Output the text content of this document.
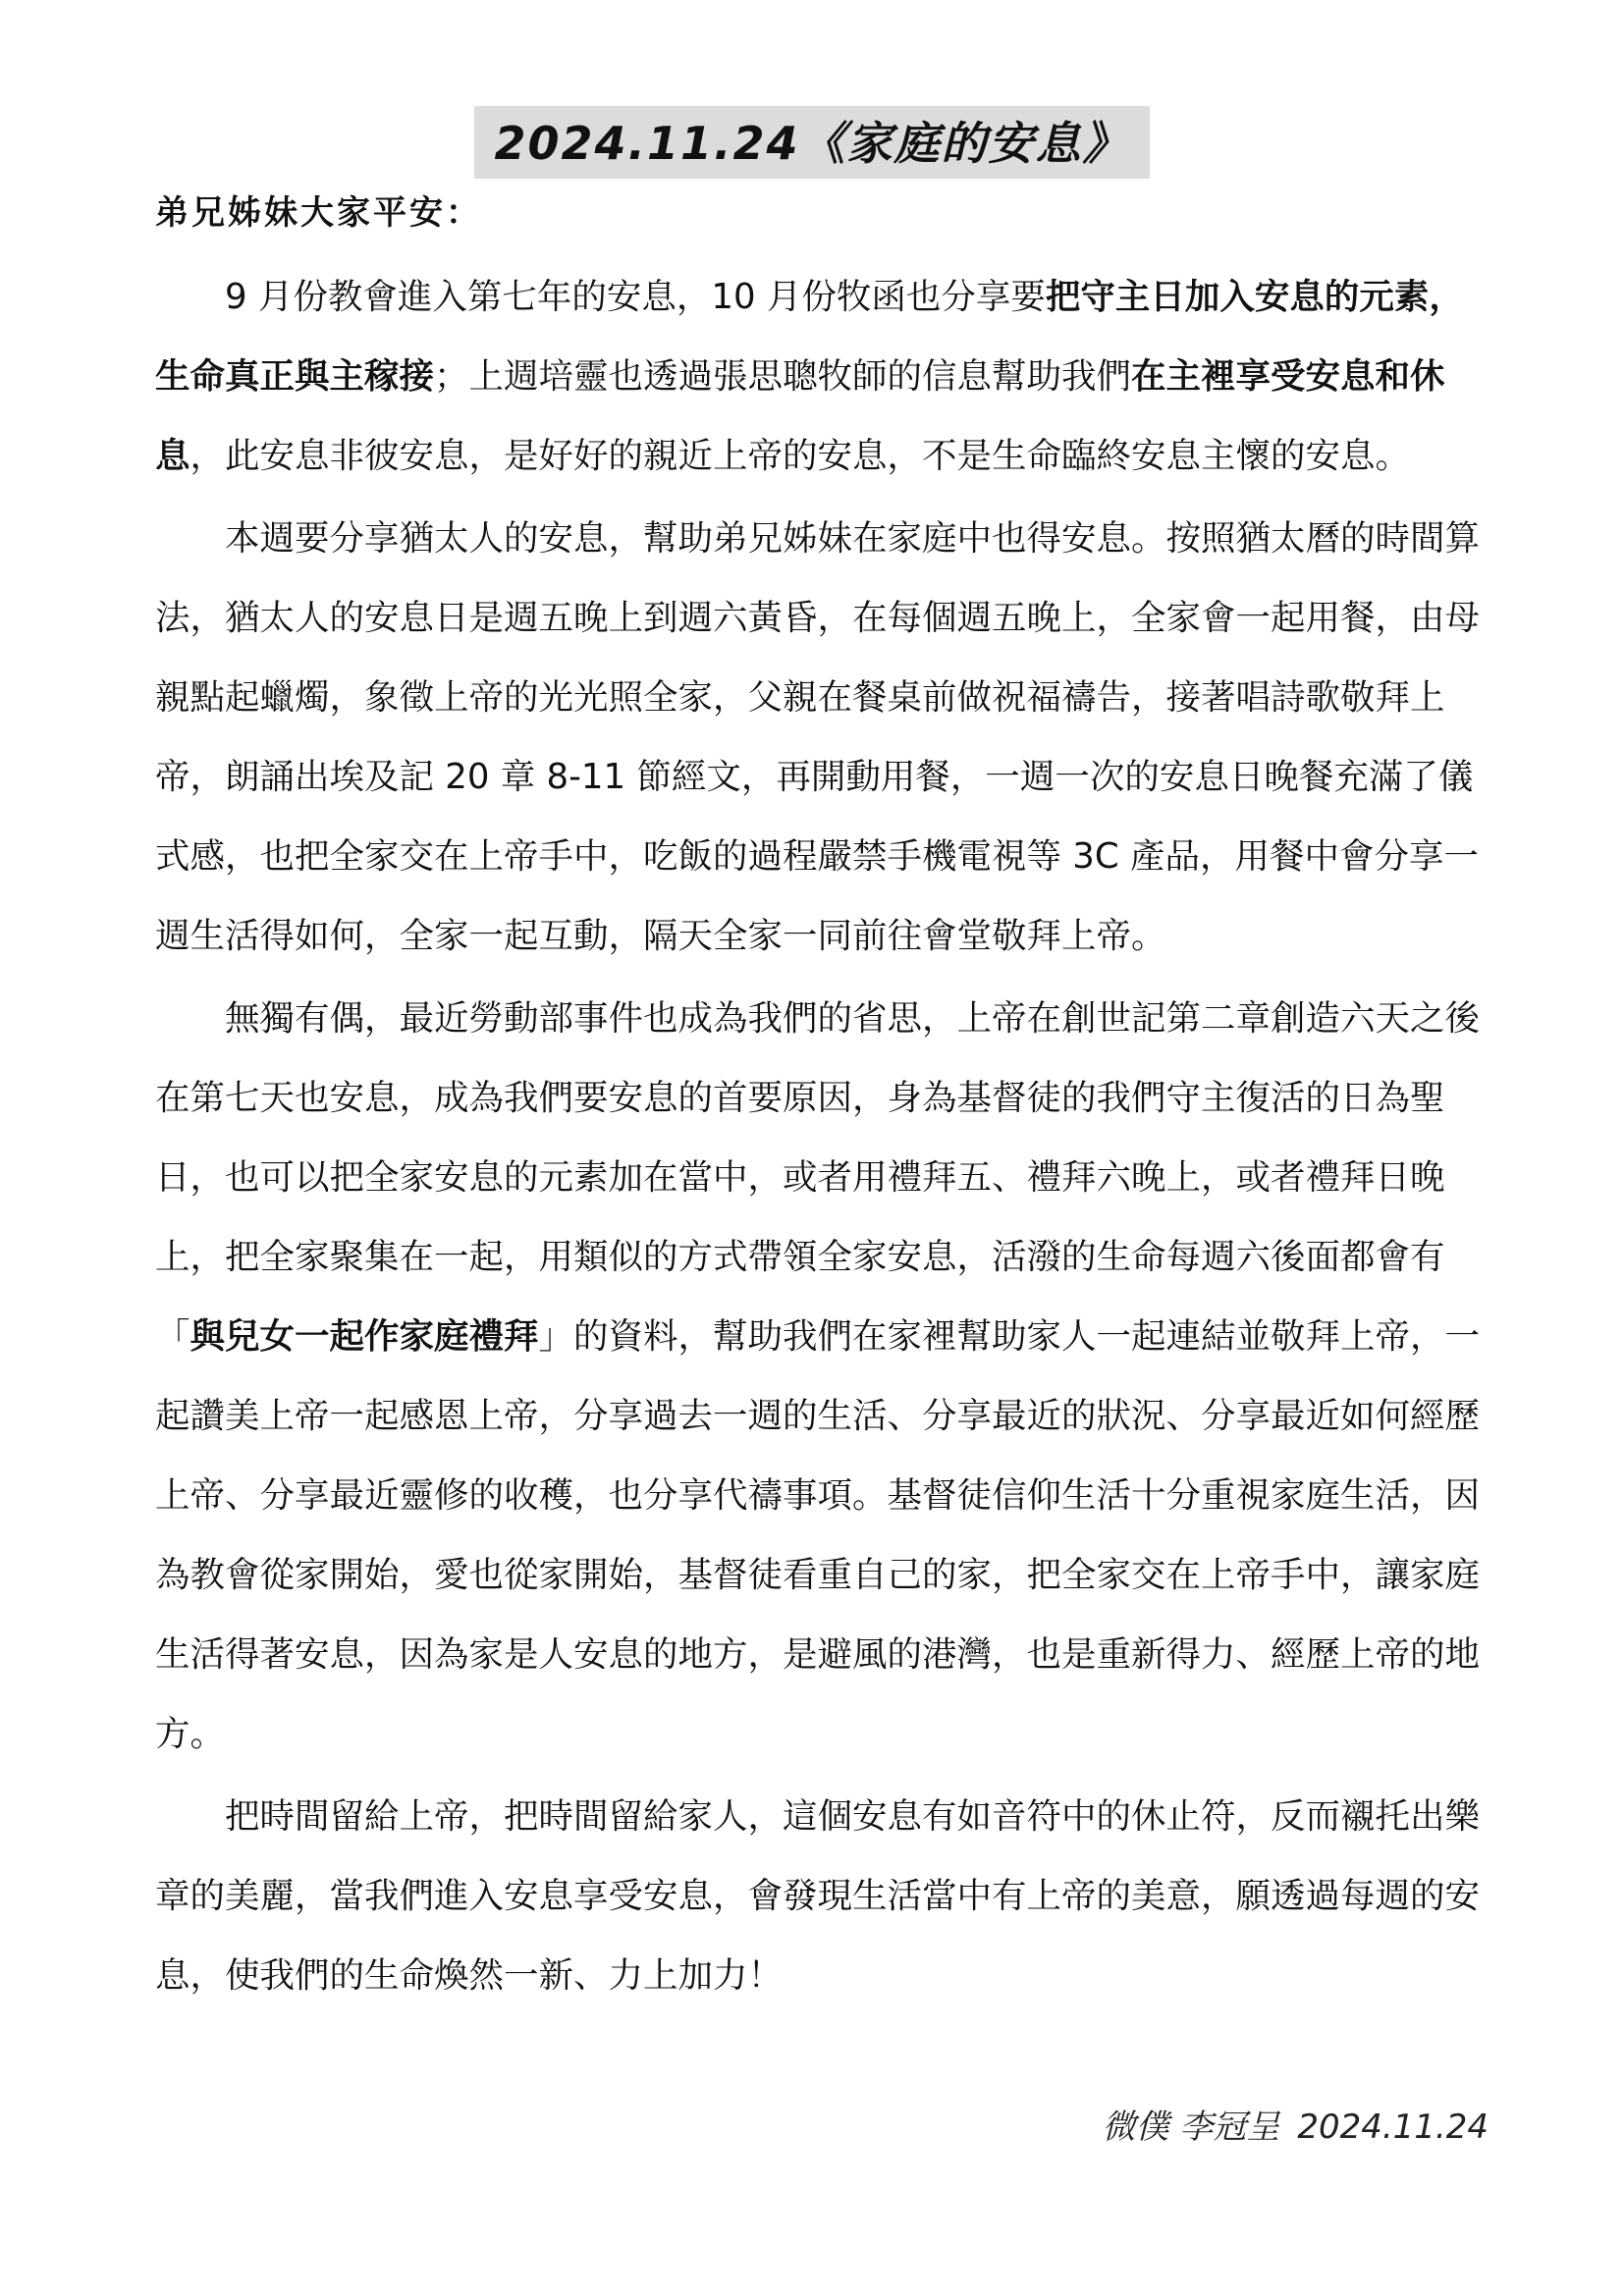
2024.11.24《家庭的安息》
弟兄姊妹大家平安：

9 月份教會進入第七年的安息，10 月份牧函也分享要把守主日加入安息的元素，生命真正與主稼接；上週培靈也透過張思聰牧師的信息幫助我們在主裡享受安息和休息，此安息非彼安息，是好好的親近上帝的安息，不是生命臨終安息主懷的安息。

本週要分享猶太人的安息，幫助弟兄姊妹在家庭中也得安息。按照猶太曆的時間算法，猶太人的安息日是週五晚上到週六黃昏，在每個週五晚上，全家會一起用餐，由母親點起蠟燭，象徵上帝的光光照全家，父親在餐桌前做祝福禱告，接著唱詩歌敬拜上帝，朗誦出埃及記 20 章 8-11 節經文，再開動用餐，一週一次的安息日晚餐充滿了儀式感，也把全家交在上帝手中，吃飯的過程嚴禁手機電視等 3C 產品，用餐中會分享一週生活得如何，全家一起互動，隔天全家一同前往會堂敬拜上帝。

無獨有偶，最近勞動部事件也成為我們的省思，上帝在創世記第二章創造六天之後在第七天也安息，成為我們要安息的首要原因，身為基督徒的我們守主復活的日為聖日，也可以把全家安息的元素加在當中，或者用禮拜五、禮拜六晚上，或者禮拜日晚上，把全家聚集在一起，用類似的方式帶領全家安息，活潑的生命每週六後面都會有「與兒女一起作家庭禮拜」的資料，幫助我們在家裡幫助家人一起連結並敬拜上帝，一起讚美上帝一起感恩上帝，分享過去一週的生活、分享最近的狀況、分享最近如何經歷上帝、分享最近靈修的收穫，也分享代禱事項。基督徒信仰生活十分重視家庭生活，因為教會從家開始，愛也從家開始，基督徒看重自己的家，把全家交在上帝手中，讓家庭生活得著安息，因為家是人安息的地方，是避風的港灣，也是重新得力、經歷上帝的地方。

把時間留給上帝，把時間留給家人，這個安息有如音符中的休止符，反而襯托出樂章的美麗，當我們進入安息享受安息，會發現生活當中有上帝的美意，願透過每週的安息，使我們的生命煥然一新、力上加力！

微僕 李冠呈 2024.11.24
